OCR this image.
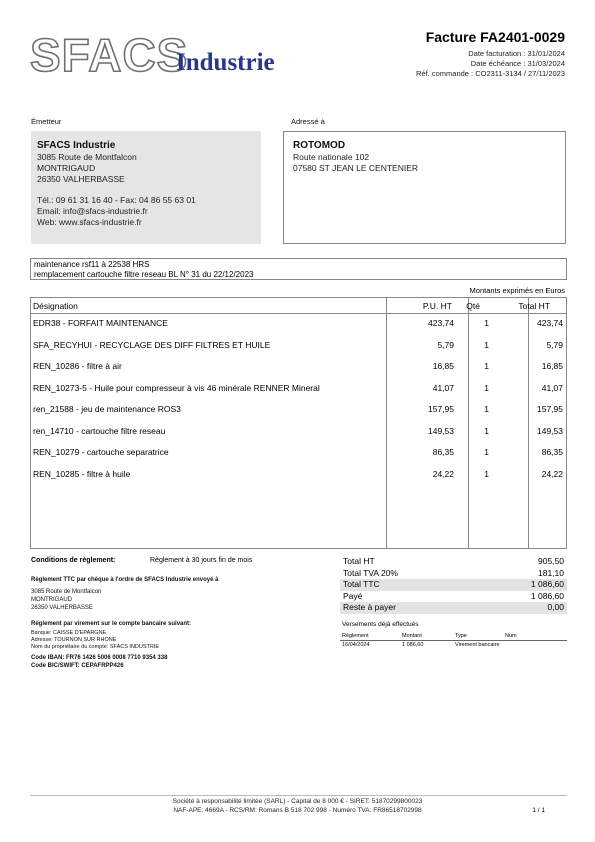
SFACS
Industrie
Facture FA2401-0029
Date facturation : 31/01/2024
Date échéance : 31/03/2024
Réf. commande : CO2311-3134 / 27/11/2023
Émetteur
SFACS Industrie
3085 Route de Montfalcon
MONTRIGAUD
26350 VALHERBASSE
Tél.: 09 61 31 16 40 - Fax: 04 86 55 63 01
Email: info@sfacs-industrie.fr
Web: www.sfacs-industrie.fr
Adressé à
ROTOMOD
Route nationale 102
07580 ST JEAN LE CENTENIER
maintenance rsf11 à 22538 HRS
remplacement cartouche filtre reseau BL N° 31 du 22/12/2023
Montants exprimés en Euros
Désignation	P.U. HT Qté	Total HT
EDR38 - FORFAIT MAINTENANCE	423,74	1	423,74
SFA_RECYHUI - RECYCLAGE DES DIFF FILTRES ET HUILE	5,79	1	5,79
REN_10286 - filtre à air	16,85	1	16,85
REN_10273-5 - Huile pour compresseur à vis 46 minérale RENNER Mineral	41,07	1	41,07
ren_21588 - jeu de maintenance ROS3	157,95	1	157,95
ren_14710 - cartouche filtre reseau	149,53	1	149,53
REN_10279 - cartouche separatrice	86,35	1	86,35
REN_10285 - filtre à huile	24,22	1	24,22
Conditions de règlement:	Règlement à 30 jours fin de mois
Règlement TTC par chèque à l'ordre de SFACS Industrie envoyé à
3085 Route de Montfalcon
MONTRIGAUD
26350 VALHERBASSE
Règlement par virement sur le compte bancaire suivant:
Banque: CAISSE D'EPARGNE
Adresse: TOURNON SUR RHONE
Nom du propriétaire du compte: SFACS INDUSTRIE
Code IBAN: FR76 1426 5006 0008 7710 9354 338
Code BIC/SWIFT: CEPAFRPP426
Total HT	905,50
Total TVA 20%	181,10
Total TTC	1 086,60
Payé	1 086,60
Reste à payer	0,00
Versements déjà effectués
Règlement	Montant	Type	Num
16/04/2024	1 086,60	Virement bancaire
Société à responsabilité limitée (SARL) - Capital de 8 000 € - SIRET: 51870299800023
NAF-APE: 4669A - RCS/RM: Romans B 518 702 998 - Numéro TVA: FR86518702998	1 / 1
